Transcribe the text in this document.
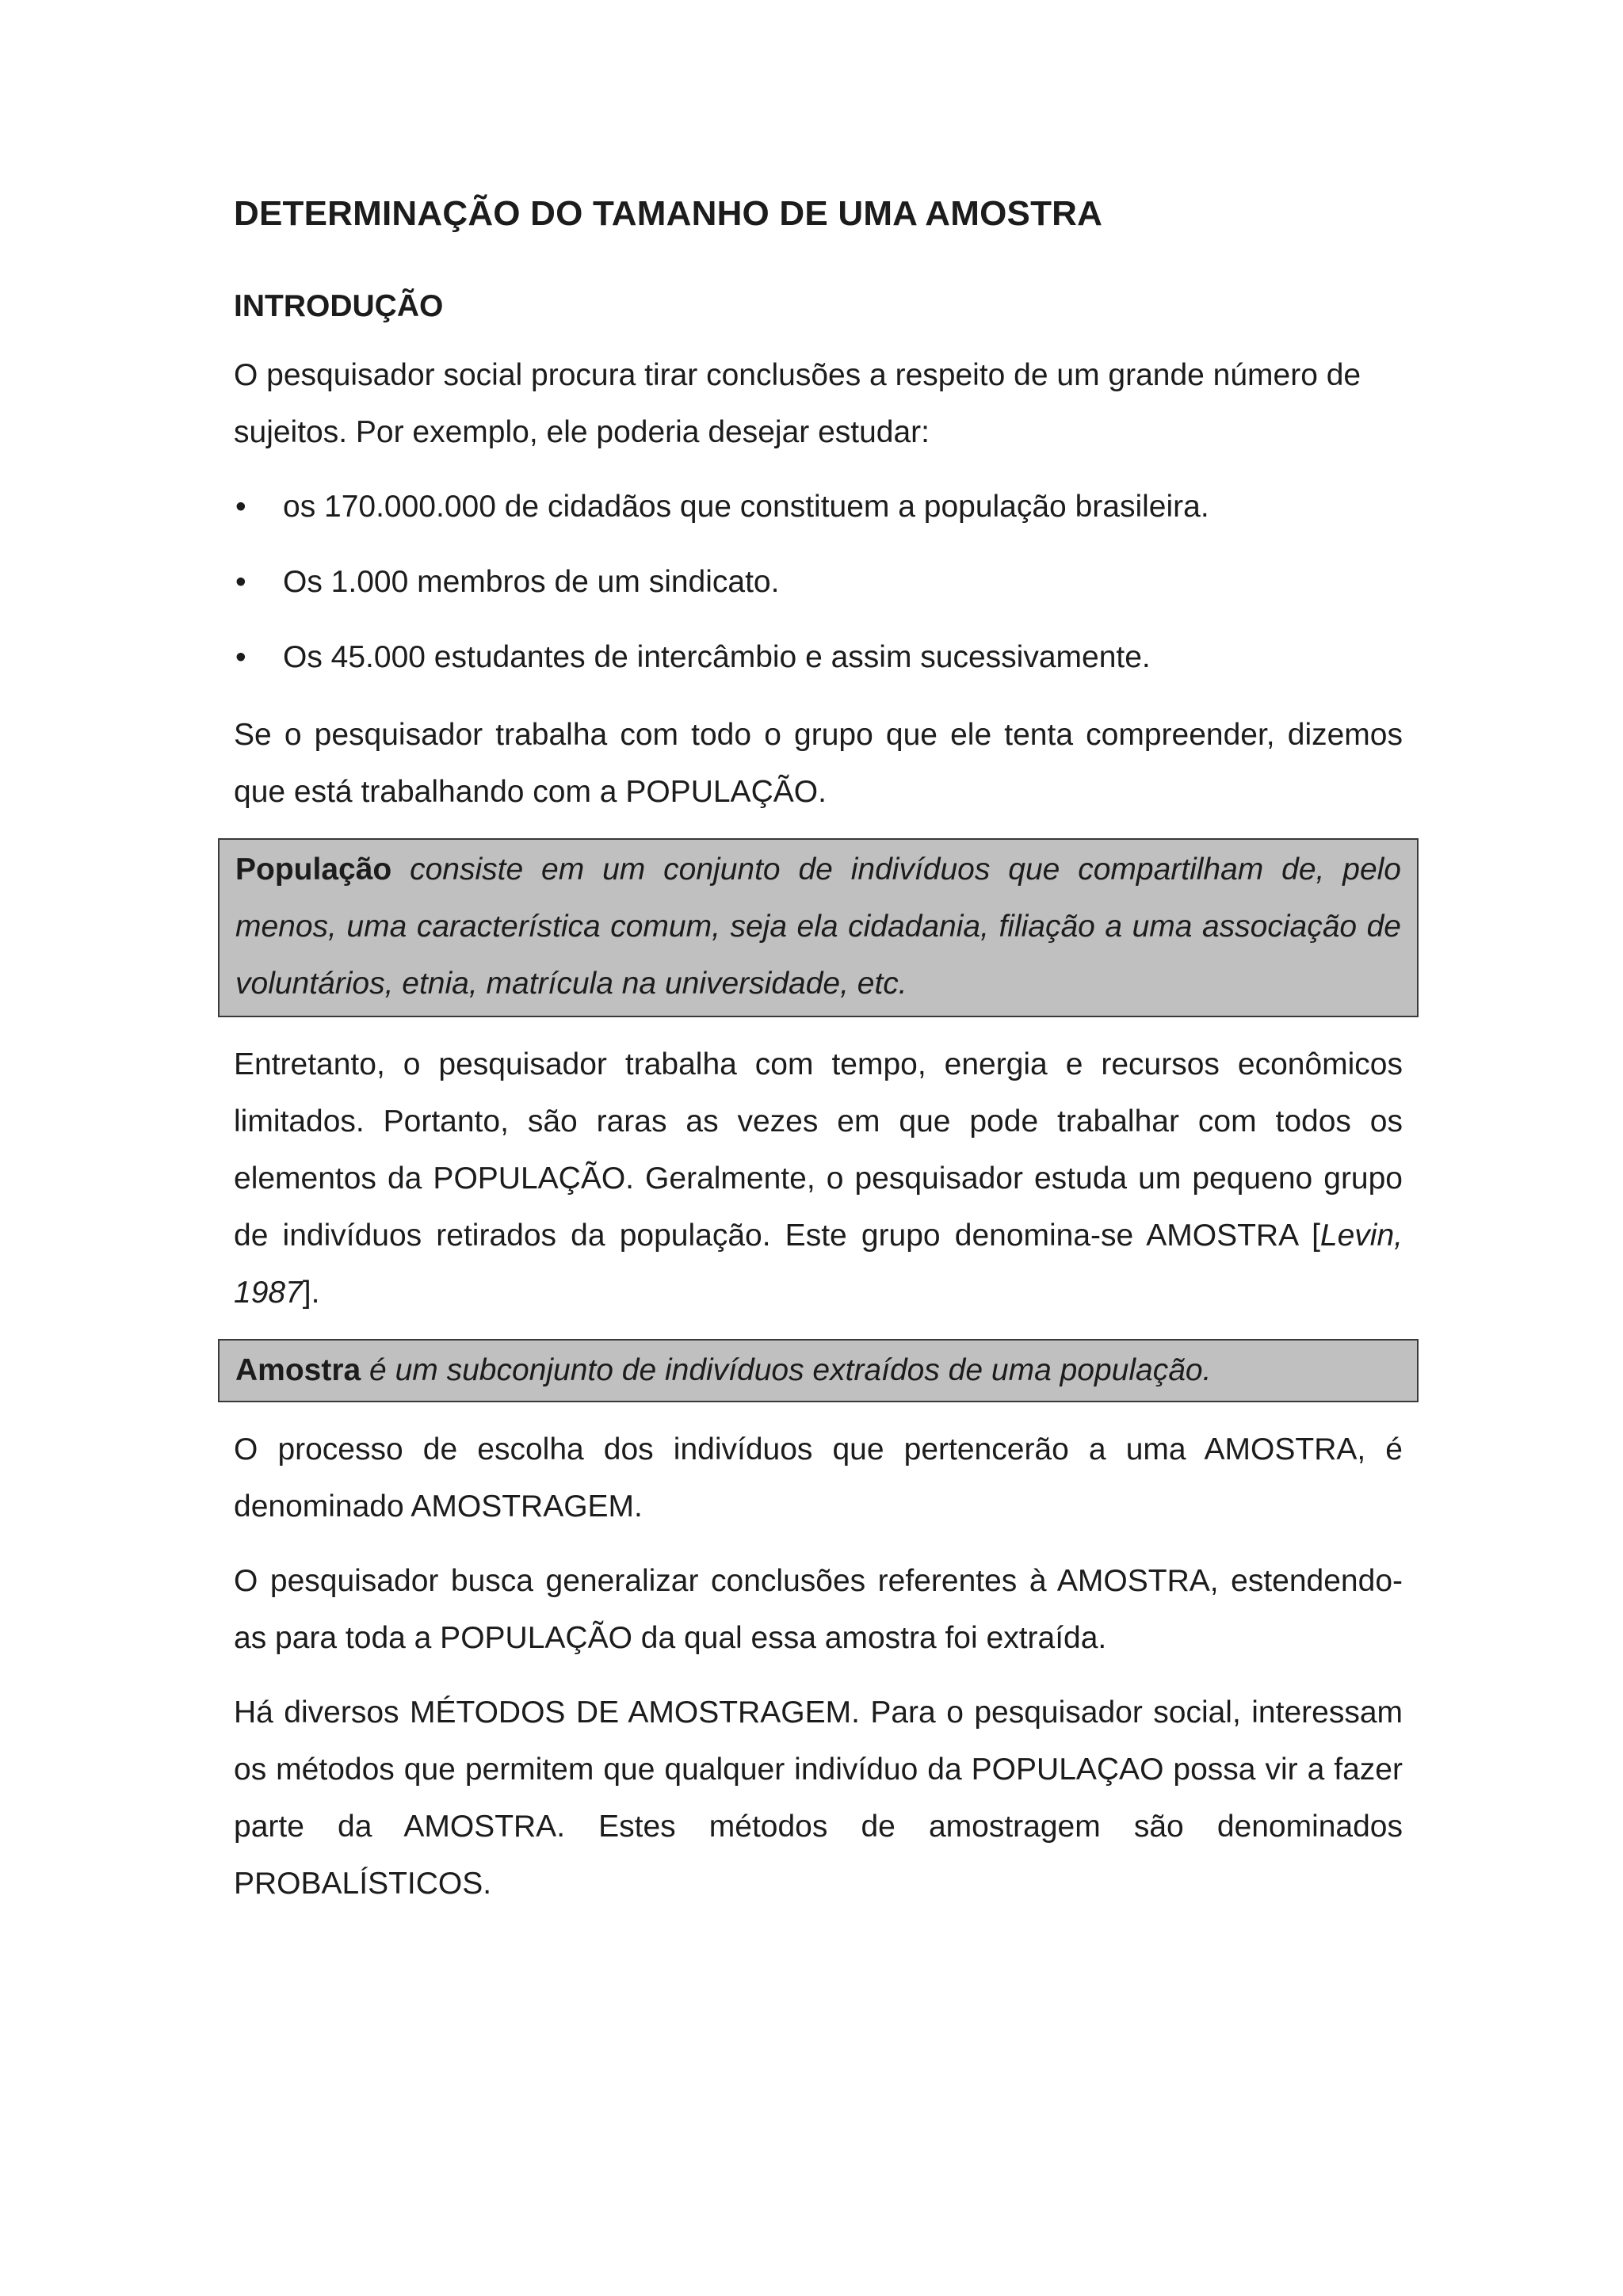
DETERMINAÇÃO DO TAMANHO DE UMA AMOSTRA
INTRODUÇÃO

O pesquisador social procura tirar conclusões a respeito de um grande número de sujeitos. Por exemplo, ele poderia desejar estudar:

•	os 170.000.000 de cidadãos que constituem a população brasileira.
•	Os 1.000 membros de um sindicato.
•	Os 45.000 estudantes de intercâmbio e assim sucessivamente.

Se o pesquisador trabalha com todo o grupo que ele tenta compreender, dizemos que está trabalhando com a POPULAÇÃO.

População consiste em um conjunto de indivíduos que compartilham de, pelo menos, uma característica comum, seja ela cidadania, filiação a uma associação de voluntários, etnia, matrícula na universidade, etc.

Entretanto, o pesquisador trabalha com tempo, energia e recursos econômicos limitados. Portanto, são raras as vezes em que pode trabalhar com todos os elementos da POPULAÇÃO. Geralmente, o pesquisador estuda um pequeno grupo de indivíduos retirados da população. Este grupo denomina-se AMOSTRA [Levin, 1987].

Amostra é um subconjunto de indivíduos extraídos de uma população.

O processo de escolha dos indivíduos que pertencerão a uma AMOSTRA, é denominado AMOSTRAGEM.

O pesquisador busca generalizar conclusões referentes à AMOSTRA, estendendo-as para toda a POPULAÇÃO da qual essa amostra foi extraída.

Há diversos MÉTODOS DE AMOSTRAGEM. Para o pesquisador social, interessam os métodos que permitem que qualquer indivíduo da POPULAÇAO possa vir a fazer parte da AMOSTRA. Estes métodos de amostragem são denominados PROBALÍSTICOS.
